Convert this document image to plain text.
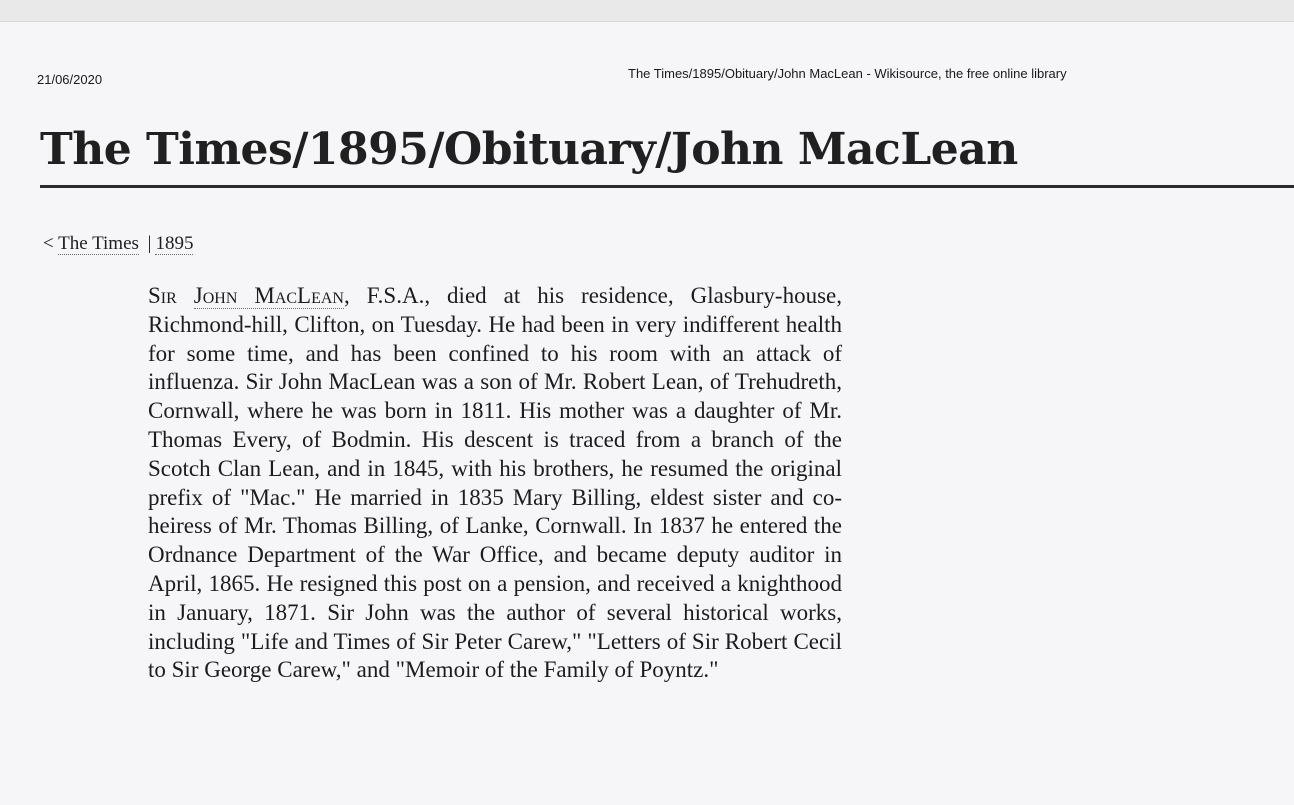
21/06/2020	The Times/1895/Obituary/John MacLean - Wikisource, the free online library
The Times/1895/Obituary/John MacLean
< The Times | 1895

Sir John MacLean, F.S.A., died at his residence, Glasbury-house, Richmond-hill, Clifton, on Tuesday. He had been in very indifferent health for some time, and has been confined to his room with an attack of influenza. Sir John MacLean was a son of Mr. Robert Lean, of Trehudreth, Cornwall, where he was born in 1811. His mother was a daughter of Mr. Thomas Every, of Bodmin. His descent is traced from a branch of the Scotch Clan Lean, and in 1845, with his brothers, he resumed the original prefix of "Mac." He married in 1835 Mary Billing, eldest sister and co-heiress of Mr. Thomas Billing, of Lanke, Cornwall. In 1837 he entered the Ordnance Department of the War Office, and became deputy auditor in April, 1865. He resigned this post on a pension, and received a knighthood in January, 1871. Sir John was the author of several historical works, including "Life and Times of Sir Peter Carew," "Letters of Sir Robert Cecil to Sir George Carew," and "Memoir of the Family of Poyntz."
